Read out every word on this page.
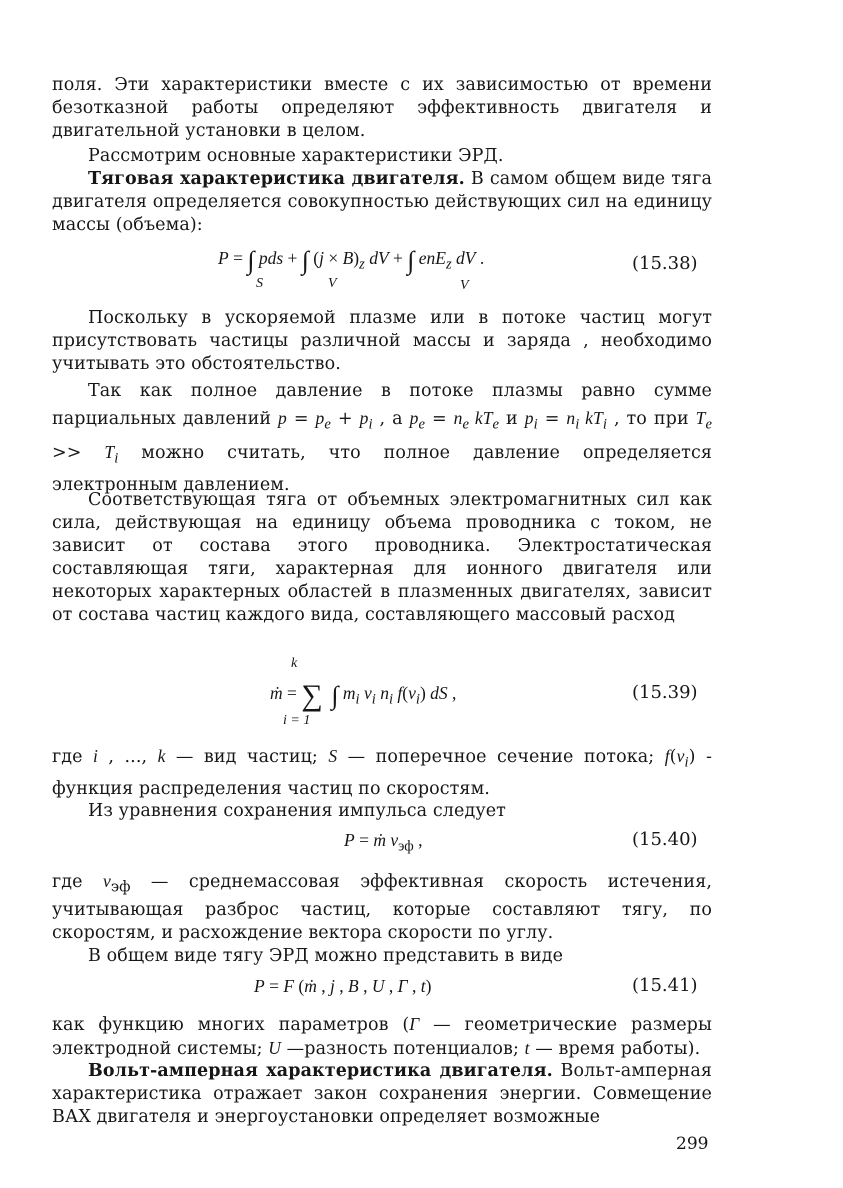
поля. Эти характеристики вместе с их зависимостью от времени безотказной работы определяют эффективность двигателя и двигательной установки в целом.

Рассмотрим основные характеристики ЭРД.

Тяговая характеристика двигателя. В самом общем виде тяга двигателя определяется совокупностью действующих сил на единицу массы (объема):

P = ∫ pds + ∫ $(j \times B)_z$ dV + ∫ enE$_z$ dV .
S	V	V
(15.38)

Поскольку в ускоряемой плазме или в потоке частиц могут присутствовать частицы различной массы и заряда , необходимо учитывать это обстоятельство.

Так как полное давление в потоке плазмы равно сумме парциальных давлений $p = p_e + p_i$ , а $p_e = n_e$ $kT_e$ и $p_i = n_i$ $kT_i$ , то при $T_e >> T_i$ можно считать, что полное давление определяется электронным давлением.

Соответствующая тяга от объемных электромагнитных сил как сила, действующая на единицу объема проводника с током, не зависит от состава этого проводника. Электростатическая составляющая тяги, характерная для ионного двигателя или некоторых характерных областей в плазменных двигателях, зависит от состава частиц каждого вида, составляющего массовый расход

k
ṁ = ∑ ∫ $m_i$ $v_i$ $n_i$ $f(v_i)$ dS ,
i = 1
(15.39)

где i , ..., k — вид частиц; S — поперечное сечение потока; $f(v_i)$ - функция распределения частиц по скоростям.

Из уравнения сохранения импульса следует

P = ṁ $v_{эф}$ ,	(15.40)

где $v_{эф}$ — среднемассовая эффективная скорость истечения, учитывающая разброс частиц, которые составляют тягу, по скоростям, и расхождение вектора скорости по углу.

В общем виде тягу ЭРД можно представить в виде

P = F (ṁ , j , B , U , Г , t)	(15.41)

как функцию многих параметров (Г — геометрические размеры электродной системы; U —разность потенциалов; t — время работы).

Вольт-амперная характеристика двигателя. Вольт-амперная характеристика отражает закон сохранения энергии. Совмещение ВАХ двигателя и энергоустановки определяет возможные

299
